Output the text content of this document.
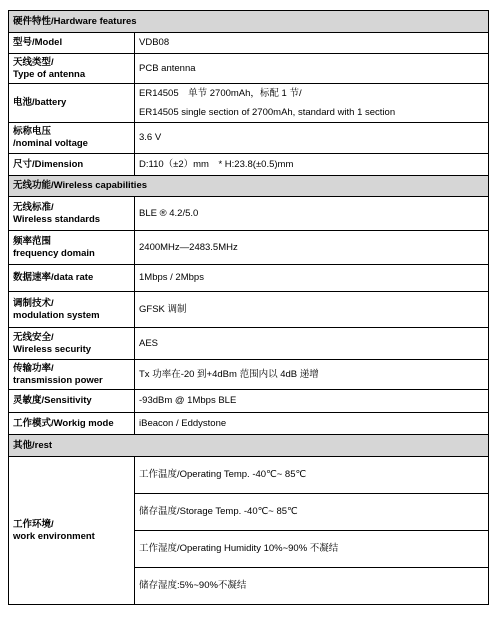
硬件特性/Hardware features	
型号/Model	VDB08

天线类型/
Type of antenna	PCB antenna
电池/battery	ER14505　单节 2700mAh，标配 1 节/
ER14505 single section of 2700mAh, standard with 1 section

标称电压
/nominal voltage	3.6 V
尺寸/Dimension	D:110（±2）mm　* H:23.8(±0.5)mm
无线功能/Wireless capabilities	

无线标准/
Wireless standards	BLE ® 4.2/5.0

频率范围
frequency domain	2400MHz—2483.5MHz
数据速率/data rate	1Mbps / 2Mbps

调制技术/
modulation system	GFSK 调制

无线安全/
Wireless security	AES

传输功率/
transmission power	Tx 功率在-20 到+4dBm 范围内以 4dB 递增
灵敏度/Sensitivity	-93dBm @ 1Mbps BLE
工作模式/Workig mode	iBeacon / Eddystone
其他/rest	

工作环境/
work environment	工作温度/Operating Temp. -40℃~ 85℃
	储存温度/Storage Temp. -40℃~ 85℃
	工作湿度/Operating Humidity 10%~90% 不凝结
	储存湿度:5%~90%不凝结
